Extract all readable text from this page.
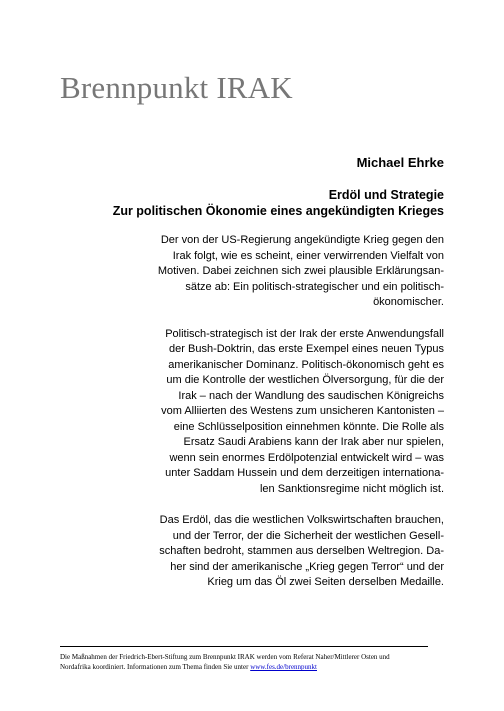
Brennpunkt IRAK
Michael Ehrke
Erdöl und Strategie
Zur politischen Ökonomie eines angekündigten Krieges
Der von der US-Regierung angekündigte Krieg gegen den
Irak folgt, wie es scheint, einer verwirrenden Vielfalt von
Motiven. Dabei zeichnen sich zwei plausible Erklärungsan-
sätze ab: Ein politisch-strategischer und ein politisch-
ökonomischer.
Politisch-strategisch ist der Irak der erste Anwendungsfall
der Bush-Doktrin, das erste Exempel eines neuen Typus
amerikanischer Dominanz. Politisch-ökonomisch geht es
um die Kontrolle der westlichen Ölversorgung, für die der
Irak – nach der Wandlung des saudischen Königreichs
vom Alliierten des Westens zum unsicheren Kantonisten –
eine Schlüsselposition einnehmen könnte. Die Rolle als
Ersatz Saudi Arabiens kann der Irak aber nur spielen,
wenn sein enormes Erdölpotenzial entwickelt wird – was
unter Saddam Hussein und dem derzeitigen internationa-
len Sanktionsregime nicht möglich ist.
Das Erdöl, das die westlichen Volkswirtschaften brauchen,
und der Terror, der die Sicherheit der westlichen Gesell-
schaften bedroht, stammen aus derselben Weltregion. Da-
her sind der amerikanische „Krieg gegen Terror“ und der
Krieg um das Öl zwei Seiten derselben Medaille.
Die Maßnahmen der Friedrich-Ebert-Stiftung zum Brennpunkt IRAK werden vom Referat Naher/Mittlerer Osten und
Nordafrika koordiniert. Informationen zum Thema finden Sie unter www.fes.de/brennpunkt
